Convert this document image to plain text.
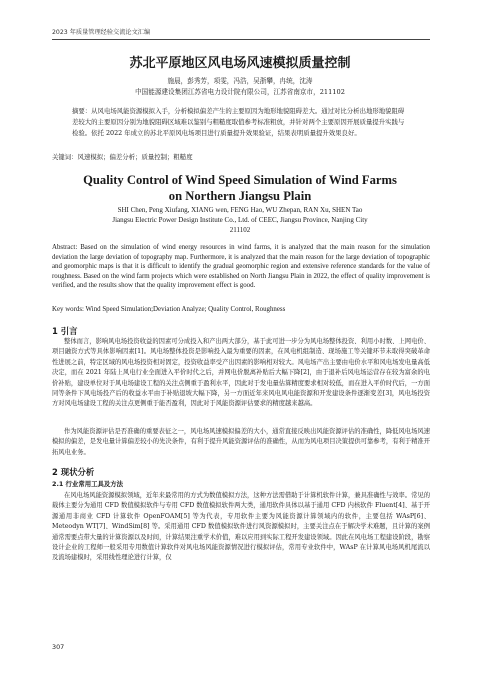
2023 年质量管理经验交流论文汇编
苏北平原地区风电场风速模拟质量控制
施晨，彭秀芳，项雯，冯浩，吴浙攀，冉统，沈涛
中国能源建设集团江苏省电力设计院有限公司，江苏省南京市，211102
摘要：从风电场风能资源模拟入手，分析模拟偏差产生的主要原因为地形地貌阻碍差大。通过对比分析出地形地貌阻碍差较大的主要原因分别为地貌阻碍区域难以鉴别与粗糙度取值参考标准粗放，并针对两个主要原因开展质量提升实践与检验。依托 2022 年成立的苏北平原风电场项目进行质量提升效果验证，结果表明质量提升效果良好。
关键词：风速模拟；偏差分析；质量控制；粗糙度
Quality Control of Wind Speed Simulation of Wind Farms
on Northern Jiangsu Plain
SHI Chen, Peng Xiufang, XIANG wen, FENG Hao, WU Zhepan, RAN Xu, SHEN Tao
Jiangsu Electric Power Design Institute Co., Ltd. of CEEC, Jiangsu Province, Nanjing City
211102
Abstract: Based on the simulation of wind energy resources in wind farms, it is analyzed that the main reason for the simulation deviation the large deviation of topography map. Furthermore, it is analyzed that the main reason for the large deviation of topographic and geomorphic maps is that it is difficult to identify the gradual geomorphic region and extensive reference standards for the value of roughness. Based on the wind farm projects which were established on North Jiangsu Plain in 2022, the effect of quality improvement is verified, and the results show that the quality improvement effect is good.
Key words: Wind Speed Simulation;Deviation Analyze; Quality Control, Roughness
1 引言
整体而言，影响风电场投资收益的因素可分成投入和产出两大部分，基于此可进一步分为风电场整体投资、利用小时数、上网电价、项目融资方式等具体影响因素[1]。风电场整体投资是影响投入最为重要的因素，在风电机组制造、现场施工等关键环节未取得突破革命性进展之前，特定区域的风电场投资相对固定，投资收益率受产出因素的影响相对较大。风电场产出主要由电价水平和风电场发电量高低决定，而在 2021 年陆上风电行业全面进入平价时代之后，并网电价脱离补贴后大幅下降[2]，由于退补后风电场运营存在较为富余的电价补贴，建设单位对于风电场建设工程的关注点侧重于盈利水平，因此对于发电量估算精度要求相对较低，而在进入平价时代后，一方面同等条件下风电场投产后的收益水平由于补贴退坡大幅下降，另一方面近年来风电风电能资源和开发建设条件逐渐变差[3]，风电场投资方对风电场建设工程的关注点更侧重于能否盈利，因此对于风能资源评估要求的精度越来越高。
作为风能资源评估是否准确的重要表征之一，风电场风速模拟偏差的大小，通常直接反映出风能资源评估的准确性，降低风电场风速模拟的偏差，是发电量计算偏差较小的先决条件，有利于提升风能资源评估的准确性，从而为风电项目决策提供可靠参考，有利于精准开拓风电业务。
2 现状分析
2.1 行业常用工具及方法
在风电场风能资源模拟领域，近年来最常用的方式为数值模拟方法，这种方法需借助于计算机软件计算，兼具准确性与效率。常见的载体主要分为通用 CFD 数值模拟软件与专用 CFD 数值模拟软件两大类，通用软件具体以基于通用 CFD 内核软件 Fluent[4]、基于开源通用非商业 CFD 计算软件 OpenFOAM[5] 等为代表，专用软件主要为风能资源计算领域内的软件，主要包括 WAsP[6]、Meteodyn WT[7]、WindSim[8] 等。采用通用 CFD 数值模拟软件进行风资源模拟时，主要关注点在于解决学术难题，且计算的案例通常需要点带大量的计算资源以及时间，计算结果注重学术价值，难以应用到实际工程开发建设领域。因此在风电场工程建设阶段，勘察设计企业的工程师一般采用专用数值计算软件对风电场风能资源情况进行模拟评估，常用专业软件中，WAsP 在计算风电场风机尾流以及流场建模时，采用线性理论进行计算，仅
307
